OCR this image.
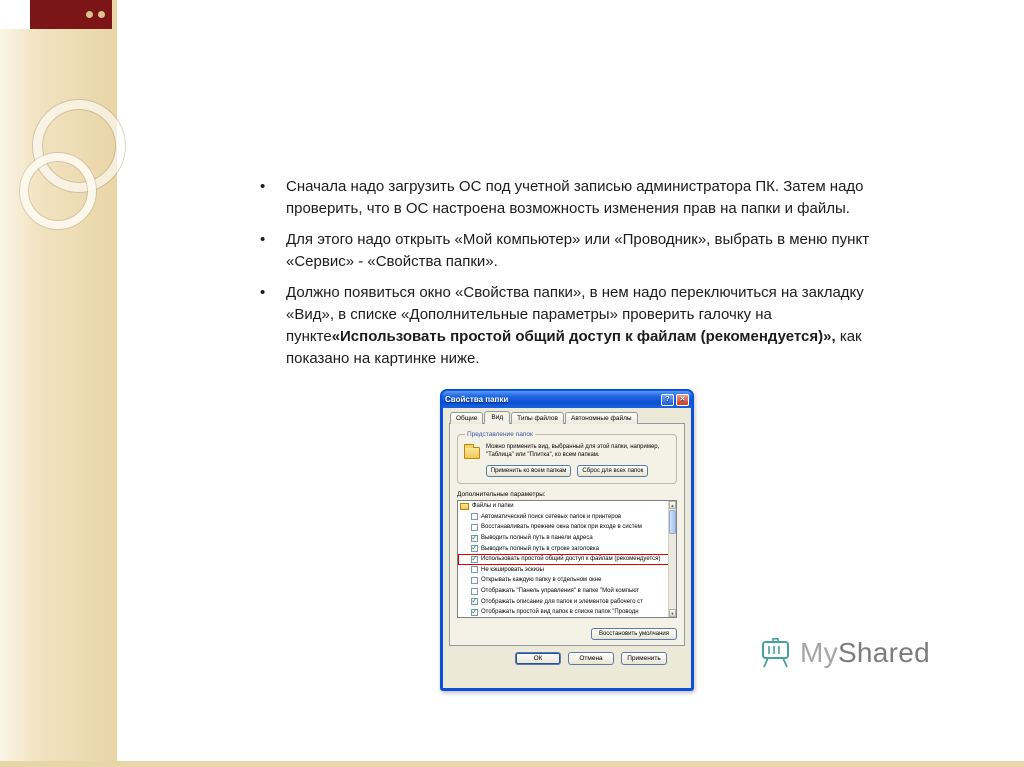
•	Сначала надо загрузить ОС под учетной записью администратора ПК. Затем надо проверить, что в ОС настроена возможность изменения прав на папки и файлы.
•	Для этого надо открыть «Мой компьютер» или «Проводник», выбрать в меню пункт «Сервис» - «Свойства папки».
•	Должно появиться окно «Свойства папки», в нем надо переключиться на закладку «Вид», в списке «Дополнительные параметры» проверить галочку на пункте«Использовать простой общий доступ к файлам (рекомендуется)», как показано на картинке ниже.
Свойства папки	? ✕
Общие	Вид	Типы файлов	Автономные файлы
Представление папок
Можно применить вид, выбранный для этой папки, например, "Таблица" или "Плитка", ко всем папкам.
Применить ко всем папкам	Сброс для всех папок
Дополнительные параметры:
Файлы и папки
Автоматический поиск сетевых папок и принтеров
Восстанавливать прежние окна папок при входе в систем
✓ Выводить полный путь в панели адреса
✓ Выводить полный путь в строке заголовка
✓ Использовать простой общий доступ к файлам (рекомендуется)
Не кэшировать эскизы
Открывать каждую папку в отдельном окне
Отображать "Панель управления" в папке "Мой компьют
✓ Отображать описание для папок и элементов рабочего ст
✓ Отображать простой вид папок в списке папок "Проводн
▲
▼
Восстановить умолчания
ОК	Отмена	Применить	MyShared
